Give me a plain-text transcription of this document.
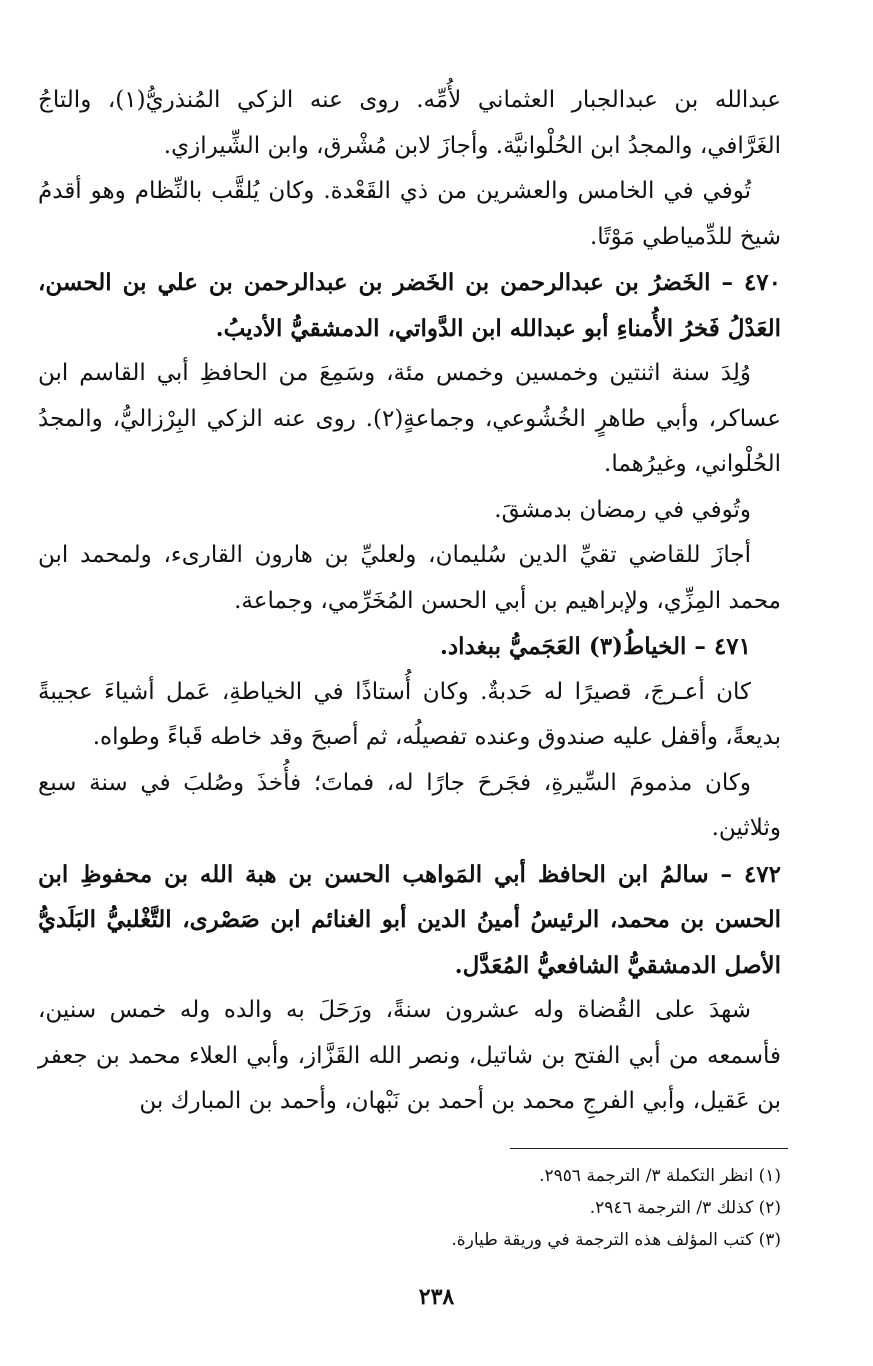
عبدالله بن عبدالجبار العثماني لأُمِّه. روى عنه الزكي المُنذريُّ(١)، والتاجُ الغَرَّافي، والمجدُ ابن الحُلْوانيَّة. وأجازَ لابن مُشْرق، وابن الشِّيرازي.

تُوفي في الخامس والعشرين من ذي القَعْدة. وكان يُلقَّب بالنِّظام وهو أقدمُ شيخ للدِّمياطي مَوْتًا.

٤٧٠ – الخَضرُ بن عبدالرحمن بن الخَضر بن عبدالرحمن بن علي بن الحسن، العَدْلُ فَخرُ الأُمناءِ أبو عبدالله ابن الدَّواتي، الدمشقيُّ الأديبُ.

وُلِدَ سنة اثنتين وخمسين وخمس مئة، وسَمِعَ من الحافظِ أبي القاسم ابن عساكر، وأبي طاهرٍ الخُشُوعي، وجماعةٍ(٢). روى عنه الزكي البِرْزاليُّ، والمجدُ الحُلْواني، وغيرُهما.

وتُوفي في رمضان بدمشقَ.

أجازَ للقاضي تقيِّ الدين سُليمان، ولعليِّ بن هارون القارىء، ولمحمد ابن محمد المِزِّي، ولإبراهيم بن أبي الحسن المُخَرِّمي، وجماعة.

٤٧١ – الخياطُ(٣) العَجَميُّ ببغداد.

كان أعـرجَ، قصيرًا له حَدبةٌ. وكان أُستاذًا في الخياطةِ، عَمل أشياءَ عجيبةً بديعةً، وأقفل عليه صندوق وعنده تفصيلُه، ثم أصبحَ وقد خاطه قَباءً وطواه.

وكان مذمومَ السِّيرةِ، فجَرحَ جارًا له، فماتَ؛ فأُخذَ وصُلبَ في سنة سبع وثلاثين.

٤٧٢ – سالمُ ابن الحافظ أبي المَواهب الحسن بن هبة الله بن محفوظِ ابن الحسن بن محمد، الرئيسُ أمينُ الدين أبو الغنائم ابن صَصْرى، التَّغْلبيُّ البَلَديُّ الأصل الدمشقيُّ الشافعيُّ المُعَدَّل.

شهدَ على القُضاة وله عشرون سنةً، ورَحَلَ به والده وله خمس سنين، فأسمعه من أبي الفتح بن شاتيل، ونصر الله القَزَّاز، وأبي العلاء محمد بن جعفر بن عَقيل، وأبي الفرجِ محمد بن أحمد بن نَبْهان، وأحمد بن المبارك بن

(١) انظر التكملة ٣/ الترجمة ٢٩٥٦.

(٢) كذلك ٣/ الترجمة ٢٩٤٦.

(٣) كتب المؤلف هذه الترجمة في وريقة طيارة.

٢٣٨
